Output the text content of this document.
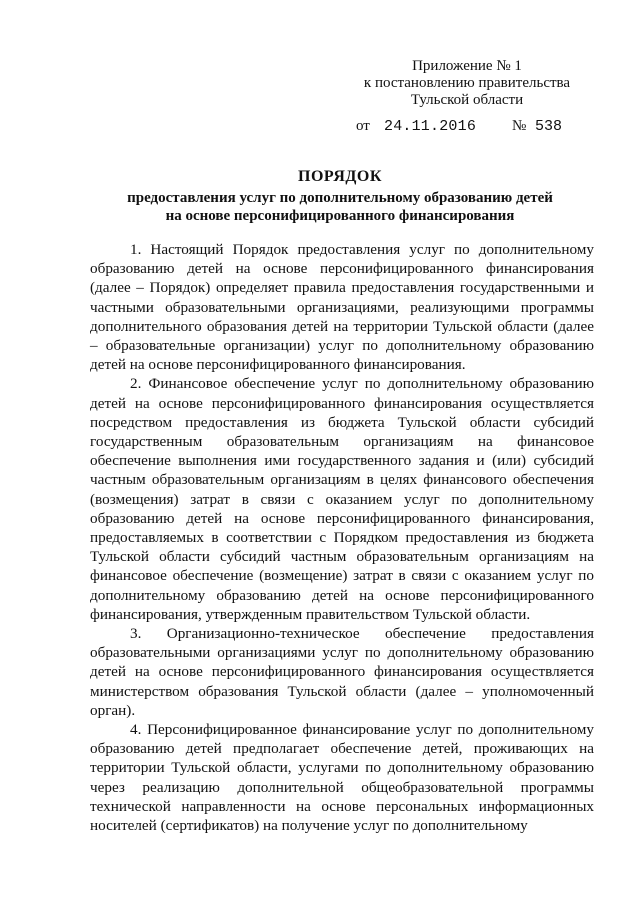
Приложение № 1
к постановлению правительства
Тульской области
от 24.11.2016 № 538
ПОРЯДОК
предоставления услуг по дополнительному образованию детей
на основе персонифицированного финансирования

1. Настоящий Порядок предоставления услуг по дополнительному образованию детей на основе персонифицированного финансирования (далее – Порядок) определяет правила предоставления государственными и частными образовательными организациями, реализующими программы дополнительного образования детей на территории Тульской области (далее – образовательные организации) услуг по дополнительному образованию детей на основе персонифицированного финансирования.

2. Финансовое обеспечение услуг по дополнительному образованию детей на основе персонифицированного финансирования осуществляется посредством предоставления из бюджета Тульской области субсидий государственным образовательным организациям на финансовое обеспечение выполнения ими государственного задания и (или) субсидий частным образовательным организациям в целях финансового обеспечения (возмещения) затрат в связи с оказанием услуг по дополнительному образованию детей на основе персонифицированного финансирования, предоставляемых в соответствии с Порядком предоставления из бюджета Тульской области субсидий частным образовательным организациям на финансовое обеспечение (возмещение) затрат в связи с оказанием услуг по дополнительному образованию детей на основе персонифицированного финансирования, утвержденным правительством Тульской области.

3. Организационно-техническое обеспечение предоставления образовательными организациями услуг по дополнительному образованию детей на основе персонифицированного финансирования осуществляется министерством образования Тульской области (далее – уполномоченный орган).

4. Персонифицированное финансирование услуг по дополнительному образованию детей предполагает обеспечение детей, проживающих на территории Тульской области, услугами по дополнительному образованию через реализацию дополнительной общеобразовательной программы технической направленности на основе персональных информационных носителей (сертификатов) на получение услуг по дополнительному
